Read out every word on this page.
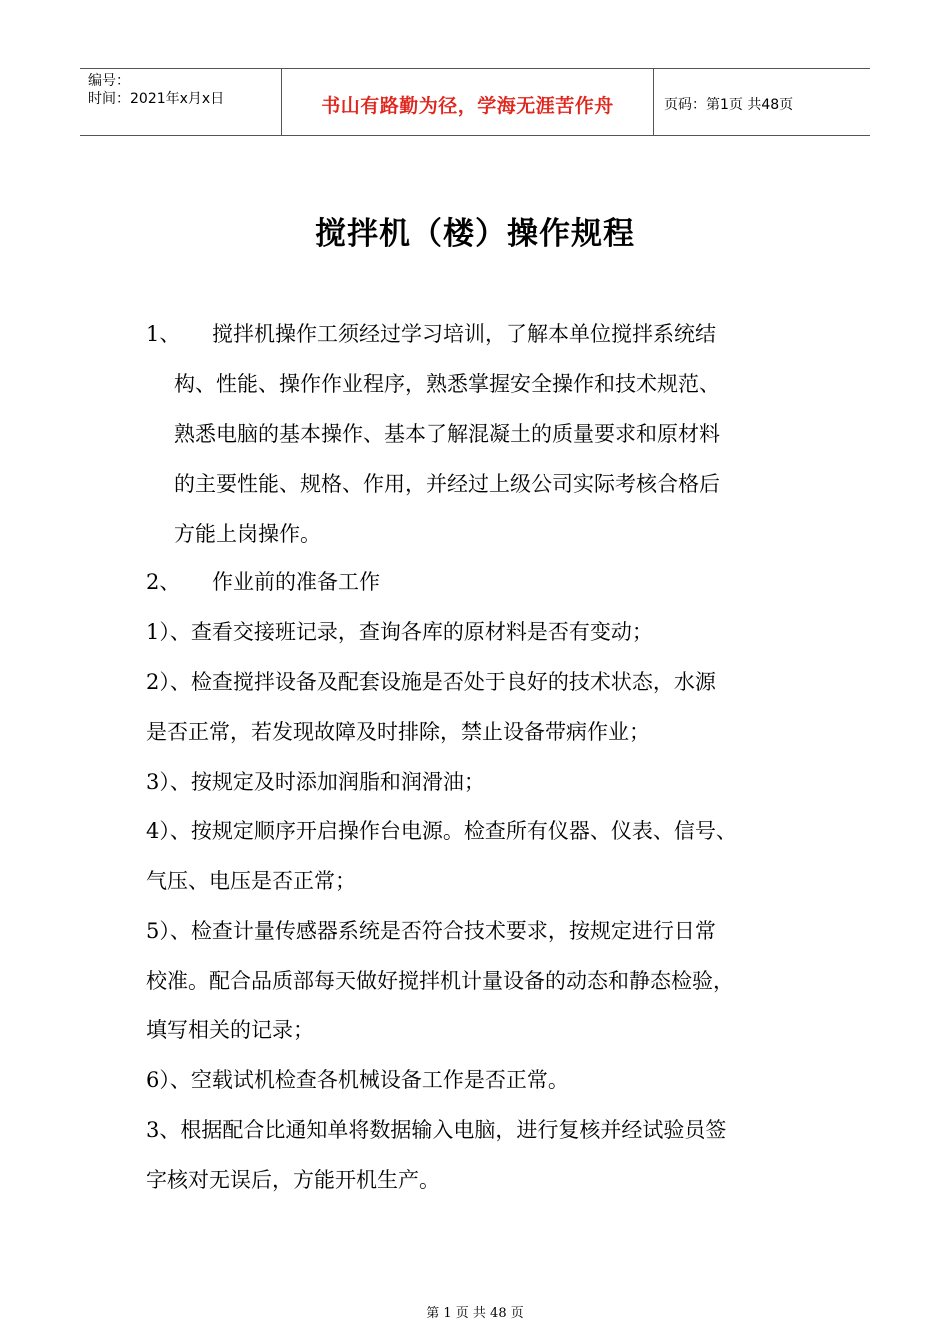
编号：
时间：2021年x月x日	书山有路勤为径，学海无涯苦作舟	页码：第1页 共48页
搅拌机（楼）操作规程
1、 搅拌机操作工须经过学习培训，了解本单位搅拌系统结
构、性能、操作作业程序，熟悉掌握安全操作和技术规范、
熟悉电脑的基本操作、基本了解混凝土的质量要求和原材料
的主要性能、规格、作用，并经过上级公司实际考核合格后
方能上岗操作。
2、 作业前的准备工作
1）、查看交接班记录，查询各库的原材料是否有变动；
2）、检查搅拌设备及配套设施是否处于良好的技术状态，水源
是否正常，若发现故障及时排除，禁止设备带病作业；
3）、按规定及时添加润脂和润滑油；
4）、按规定顺序开启操作台电源。检查所有仪器、仪表、信号、
气压、电压是否正常；
5）、检查计量传感器系统是否符合技术要求，按规定进行日常
校准。配合品质部每天做好搅拌机计量设备的动态和静态检验，
填写相关的记录；
6）、空载试机检查各机械设备工作是否正常。
3、根据配合比通知单将数据输入电脑，进行复核并经试验员签
字核对无误后，方能开机生产。
第 1 页 共 48 页
